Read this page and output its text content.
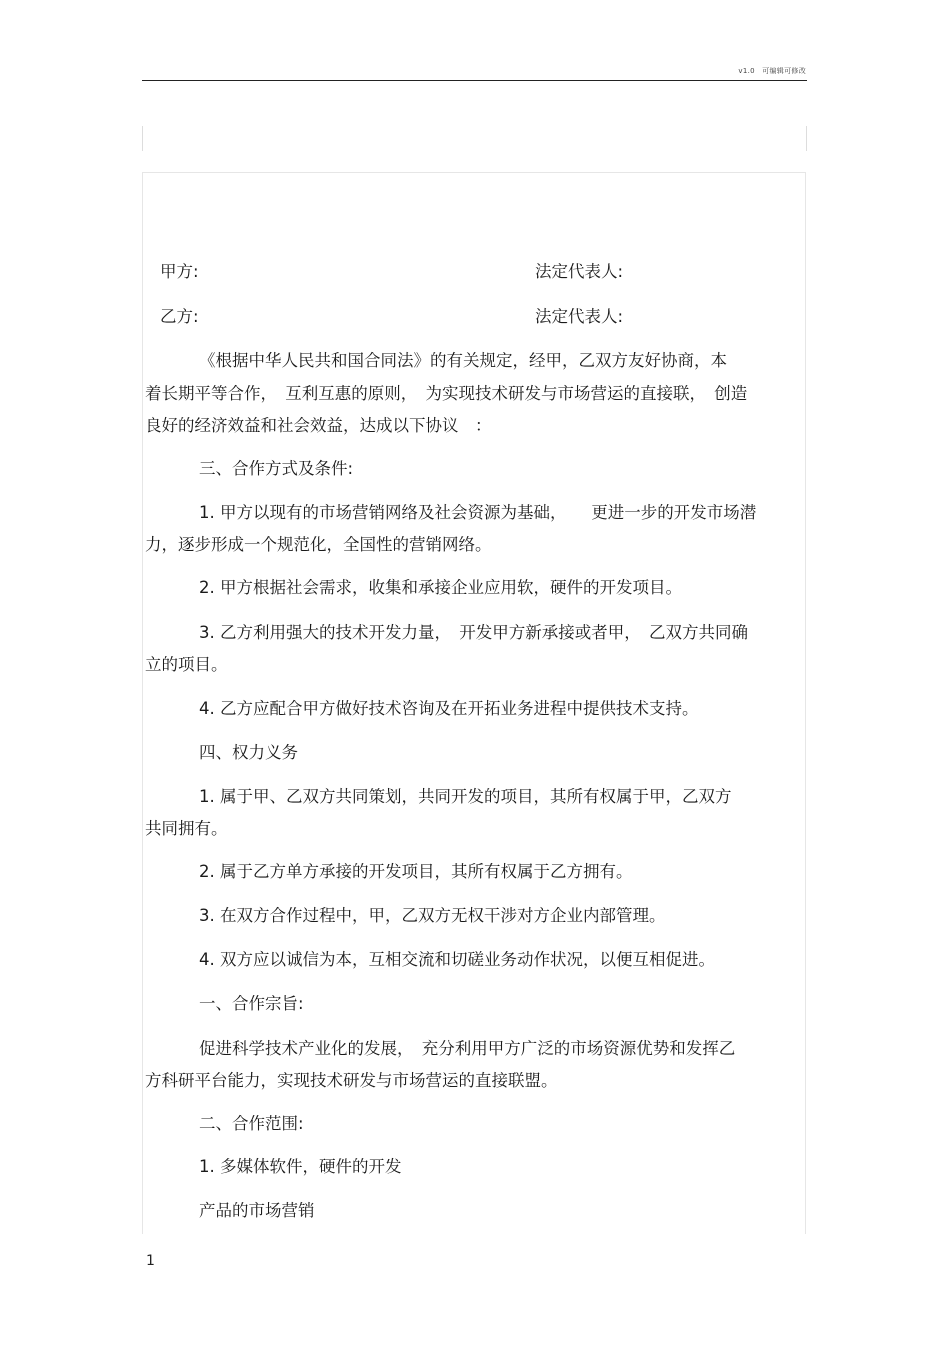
v1.0　可编辑可修改
甲方:	法定代表人:
乙方:	法定代表人:
《根据中华人民共和国合同法》的有关规定，经甲，乙双方友好协商，本
着长期平等合作，　互利互惠的原则，　为实现技术研发与市场营运的直接联，　创造
良好的经济效益和社会效益，达成以下协议　：
三、合作方式及条件:
1. 甲方以现有的市场营销网络及社会资源为基础，　　更进一步的开发市场潜
力，逐步形成一个规范化，全国性的营销网络。
2. 甲方根据社会需求，收集和承接企业应用软，硬件的开发项目。
3. 乙方利用强大的技术开发力量，　开发甲方新承接或者甲，　乙双方共同确
立的项目。
4. 乙方应配合甲方做好技术咨询及在开拓业务进程中提供技术支持。
四、权力义务
1. 属于甲、乙双方共同策划，共同开发的项目，其所有权属于甲，乙双方
共同拥有。
2. 属于乙方单方承接的开发项目，其所有权属于乙方拥有。
3. 在双方合作过程中，甲，乙双方无权干涉对方企业内部管理。
4. 双方应以诚信为本，互相交流和切磋业务动作状况，以便互相促进。
一、合作宗旨:
促进科学技术产业化的发展，　充分利用甲方广泛的市场资源优势和发挥乙
方科研平台能力，实现技术研发与市场营运的直接联盟。
二、合作范围:
1. 多媒体软件，硬件的开发
产品的市场营销
1
